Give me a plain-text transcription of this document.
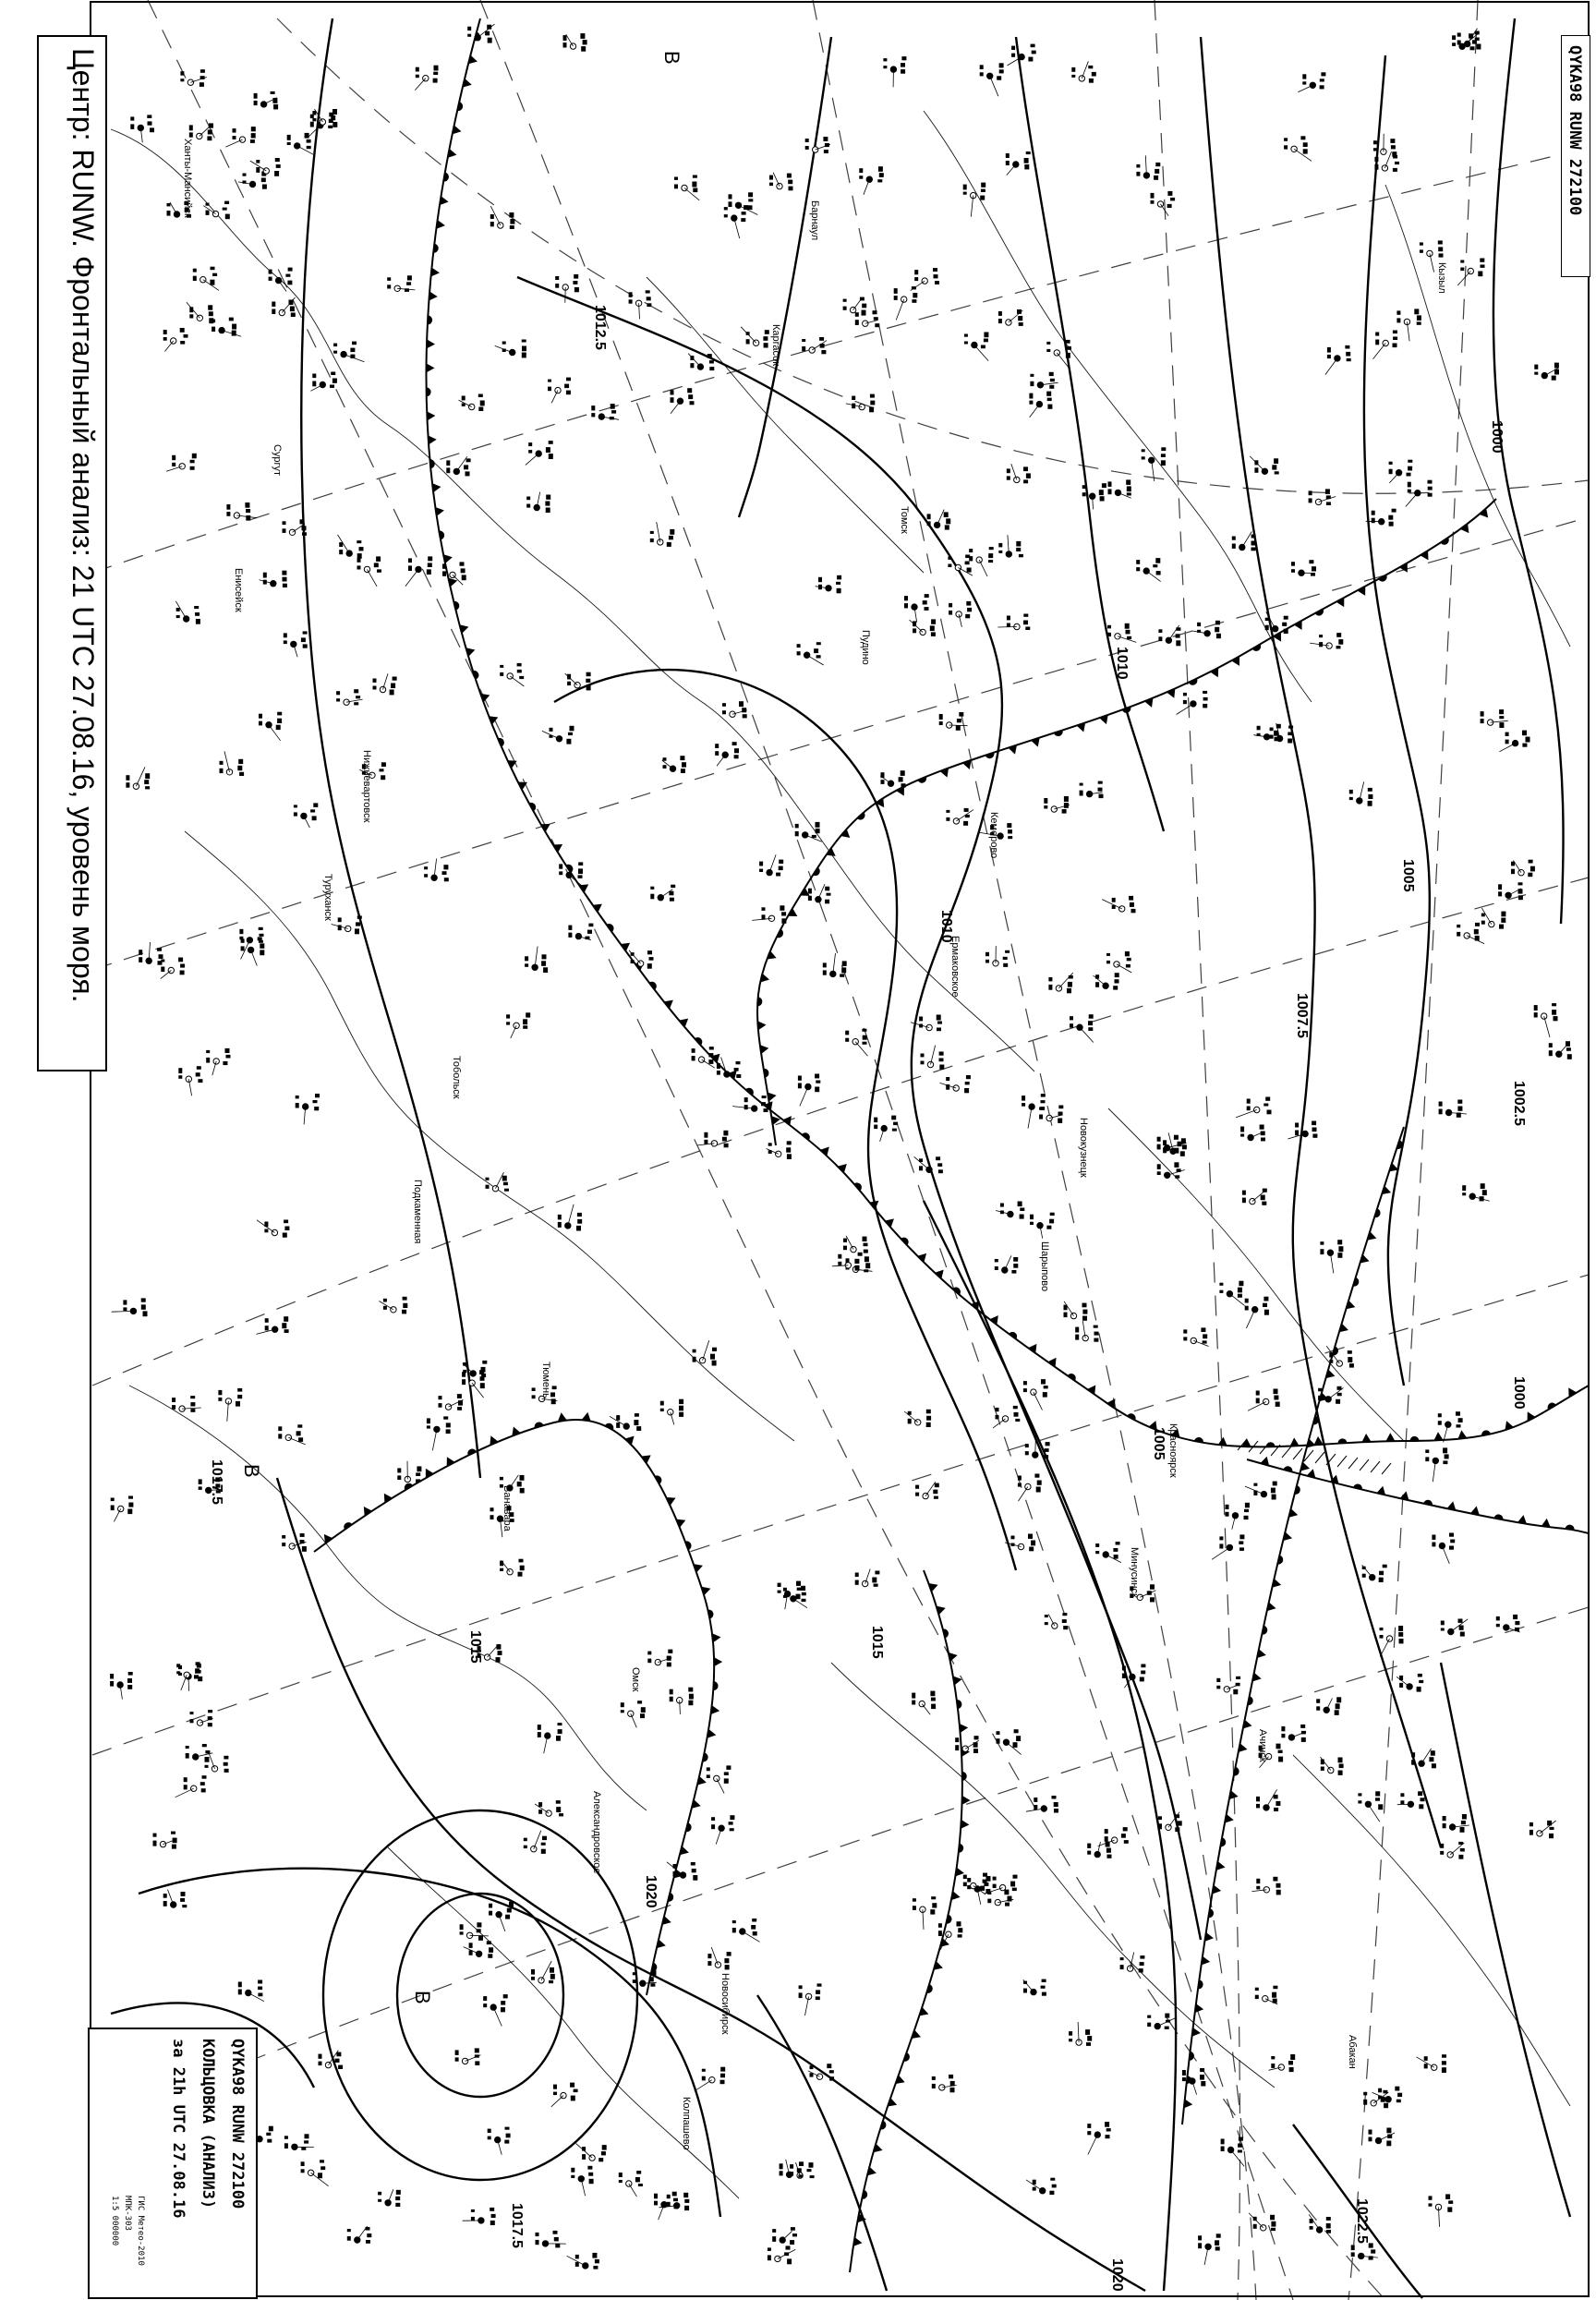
1000
1002.5
1005
1007.5
1010
1010
1012.5
1015	1015
1017.5
1017.5
1020
1020
1022.5
1000
1005
В
В
В
Ханты-Мансийск
Сургут
Нижневартовск
Тобольск
Тюмень
Омск
Новосибирск
Барнаул
Томск
Кемерово
Новокузнецк
Красноярск
Ачинск
Абакан
Кызыл
Енисейск
Туруханск
Подкаменная
Ванавара
Александровское
Колпашево
Каргасок
Пудино
Ермаковское
Шарыпово
Минусинск
Центр: RUNW. Фронтальный анализ: 21 UTC 27.08.16, уровень моря.	QYKA98 RUNW 272100
QYKA98 RUNW 272100
КОЛЬЦОВКА (АНАЛИЗ)
за 21h UTC 27.08.16
ГИС Метео-2010
МПК-303
1:5 000000
